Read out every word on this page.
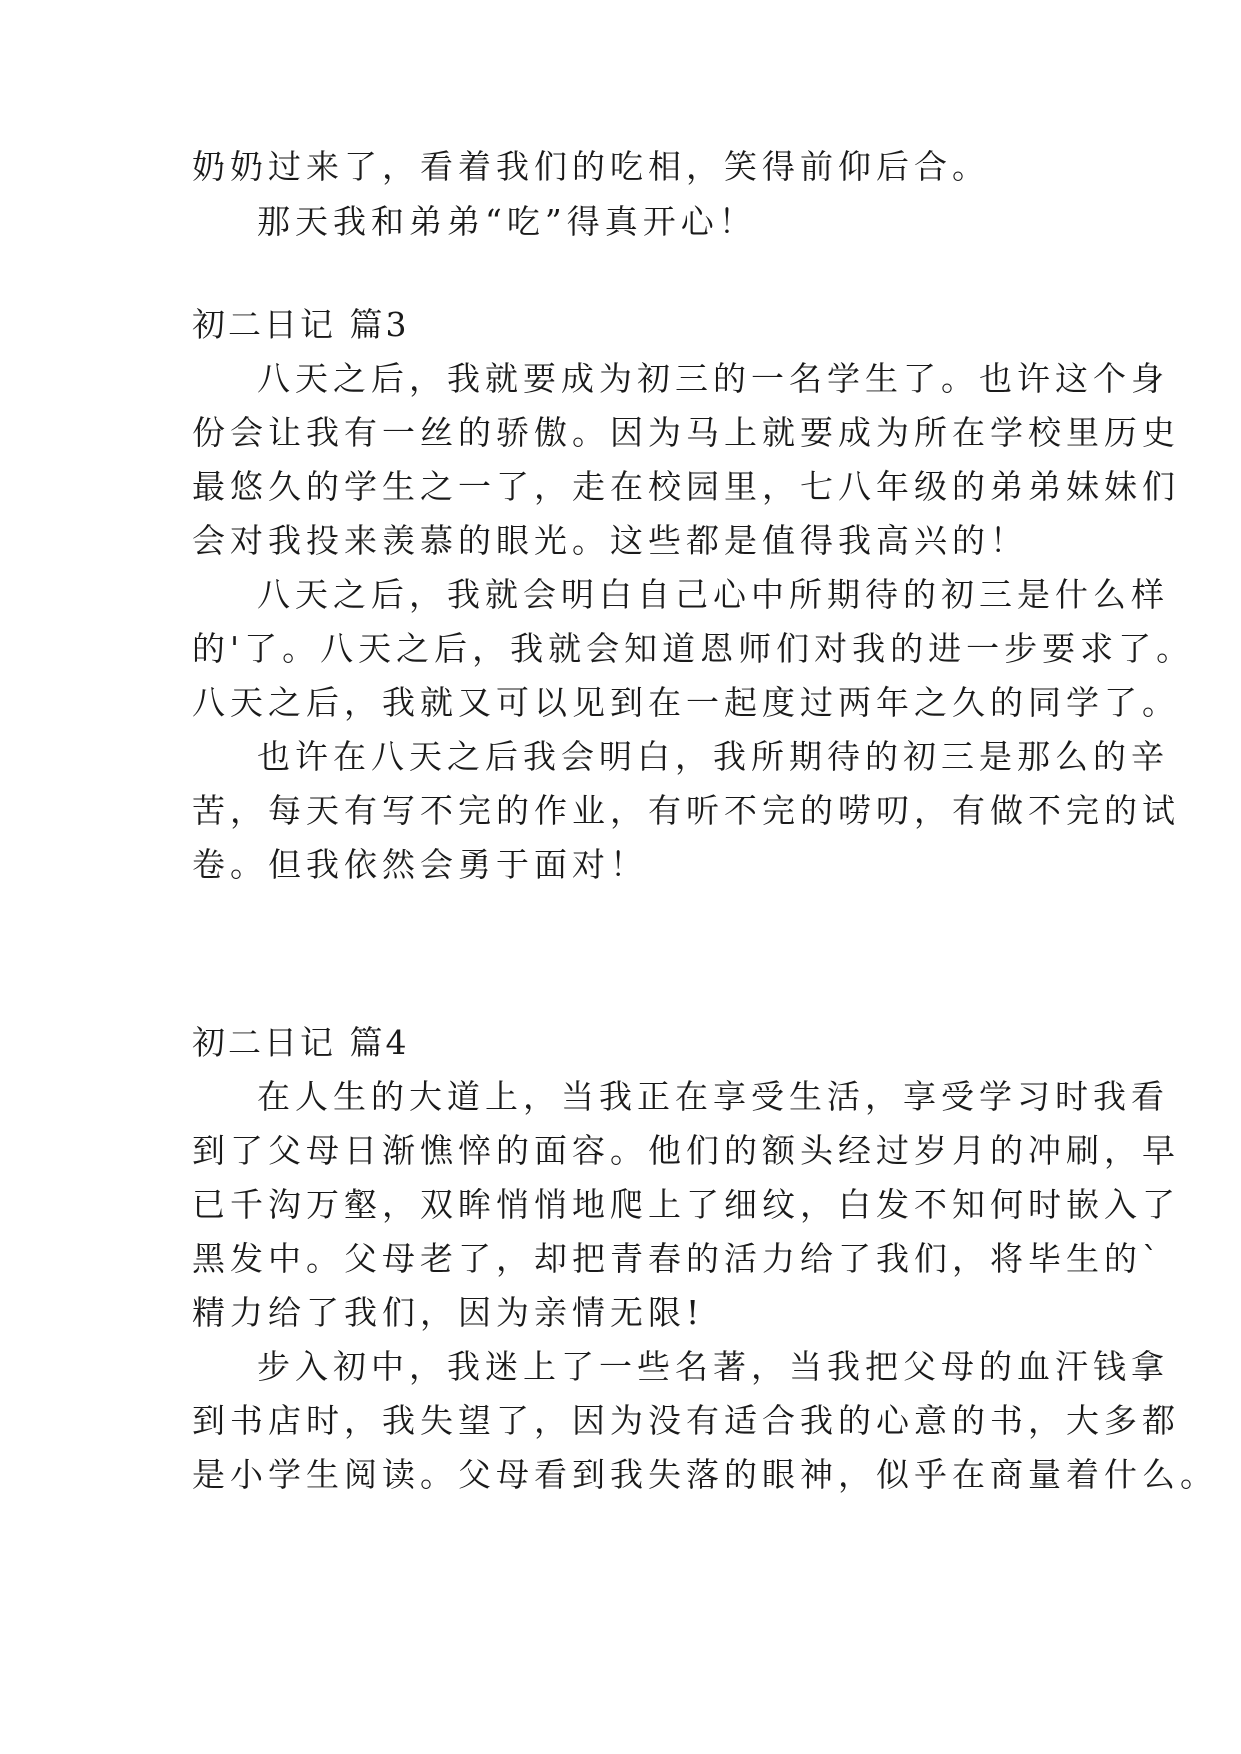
奶奶过来了，看着我们的吃相，笑得前仰后合。
那天我和弟弟“吃”得真开心！
初二日记 篇3
八天之后，我就要成为初三的一名学生了。也许这个身
份会让我有一丝的骄傲。因为马上就要成为所在学校里历史
最悠久的学生之一了，走在校园里，七八年级的弟弟妹妹们
会对我投来羡慕的眼光。这些都是值得我高兴的！
八天之后，我就会明白自己心中所期待的初三是什么样
的'了。八天之后，我就会知道恩师们对我的进一步要求了。
八天之后，我就又可以见到在一起度过两年之久的同学了。
也许在八天之后我会明白，我所期待的初三是那么的辛
苦，每天有写不完的作业，有听不完的唠叨，有做不完的试
卷。但我依然会勇于面对！
初二日记 篇4
在人生的大道上，当我正在享受生活，享受学习时我看
到了父母日渐憔悴的面容。他们的额头经过岁月的冲刷，早
已千沟万壑，双眸悄悄地爬上了细纹，白发不知何时嵌入了
黑发中。父母老了，却把青春的活力给了我们，将毕生的`
精力给了我们，因为亲情无限!
步入初中，我迷上了一些名著，当我把父母的血汗钱拿
到书店时，我失望了，因为没有适合我的心意的书，大多都
是小学生阅读。父母看到我失落的眼神，似乎在商量着什么。
